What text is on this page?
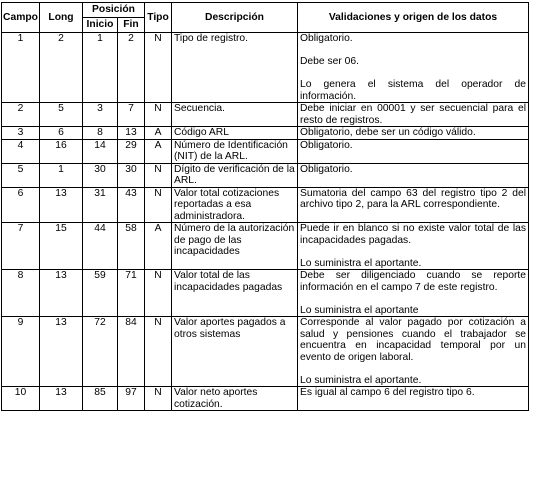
Campo	Long	Posición		Tipo	Descripción	Validaciones y origen de los datos
		Inicio	Fin			
1	2	1	2	N	Tipo de registro.	Obligatorio.
Debe ser 06.
Lo genera el sistema del operador de información.

2	5	3	7	N	Secuencia.	Debe iniciar en 00001 y ser secuencial para el resto de registros.

3	6	8	13	A	Código ARL	Obligatorio, debe ser un código válido.

4	16	14	29	A	Número de Identificación (NIT) de la ARL.	Obligatorio.

5	1	30	30	N	Dígito de verificación de la ARL.	Obligatorio.

6	13	31	43	N	Valor total cotizaciones reportadas a esa administradora.	Sumatoria del campo 63 del registro tipo 2 del archivo tipo 2, para la ARL correspondiente.

7	15	44	58	A	Número de la autorización de pago de las incapacidades	Puede ir en blanco si no existe valor total de las incapacidades pagadas.
Lo suministra el aportante.

8	13	59	71	N	Valor total de las incapacidades pagadas	Debe ser diligenciado cuando se reporte información en el campo 7 de este registro.
Lo suministra el aportante

9	13	72	84	N	Valor aportes pagados a otros sistemas	Corresponde al valor pagado por cotización a salud y pensiones cuando el trabajador se encuentra en incapacidad temporal por un evento de origen laboral.
Lo suministra el aportante.

10	13	85	97	N	Valor neto aportes cotización.	Es igual al campo 6 del registro tipo 6.
